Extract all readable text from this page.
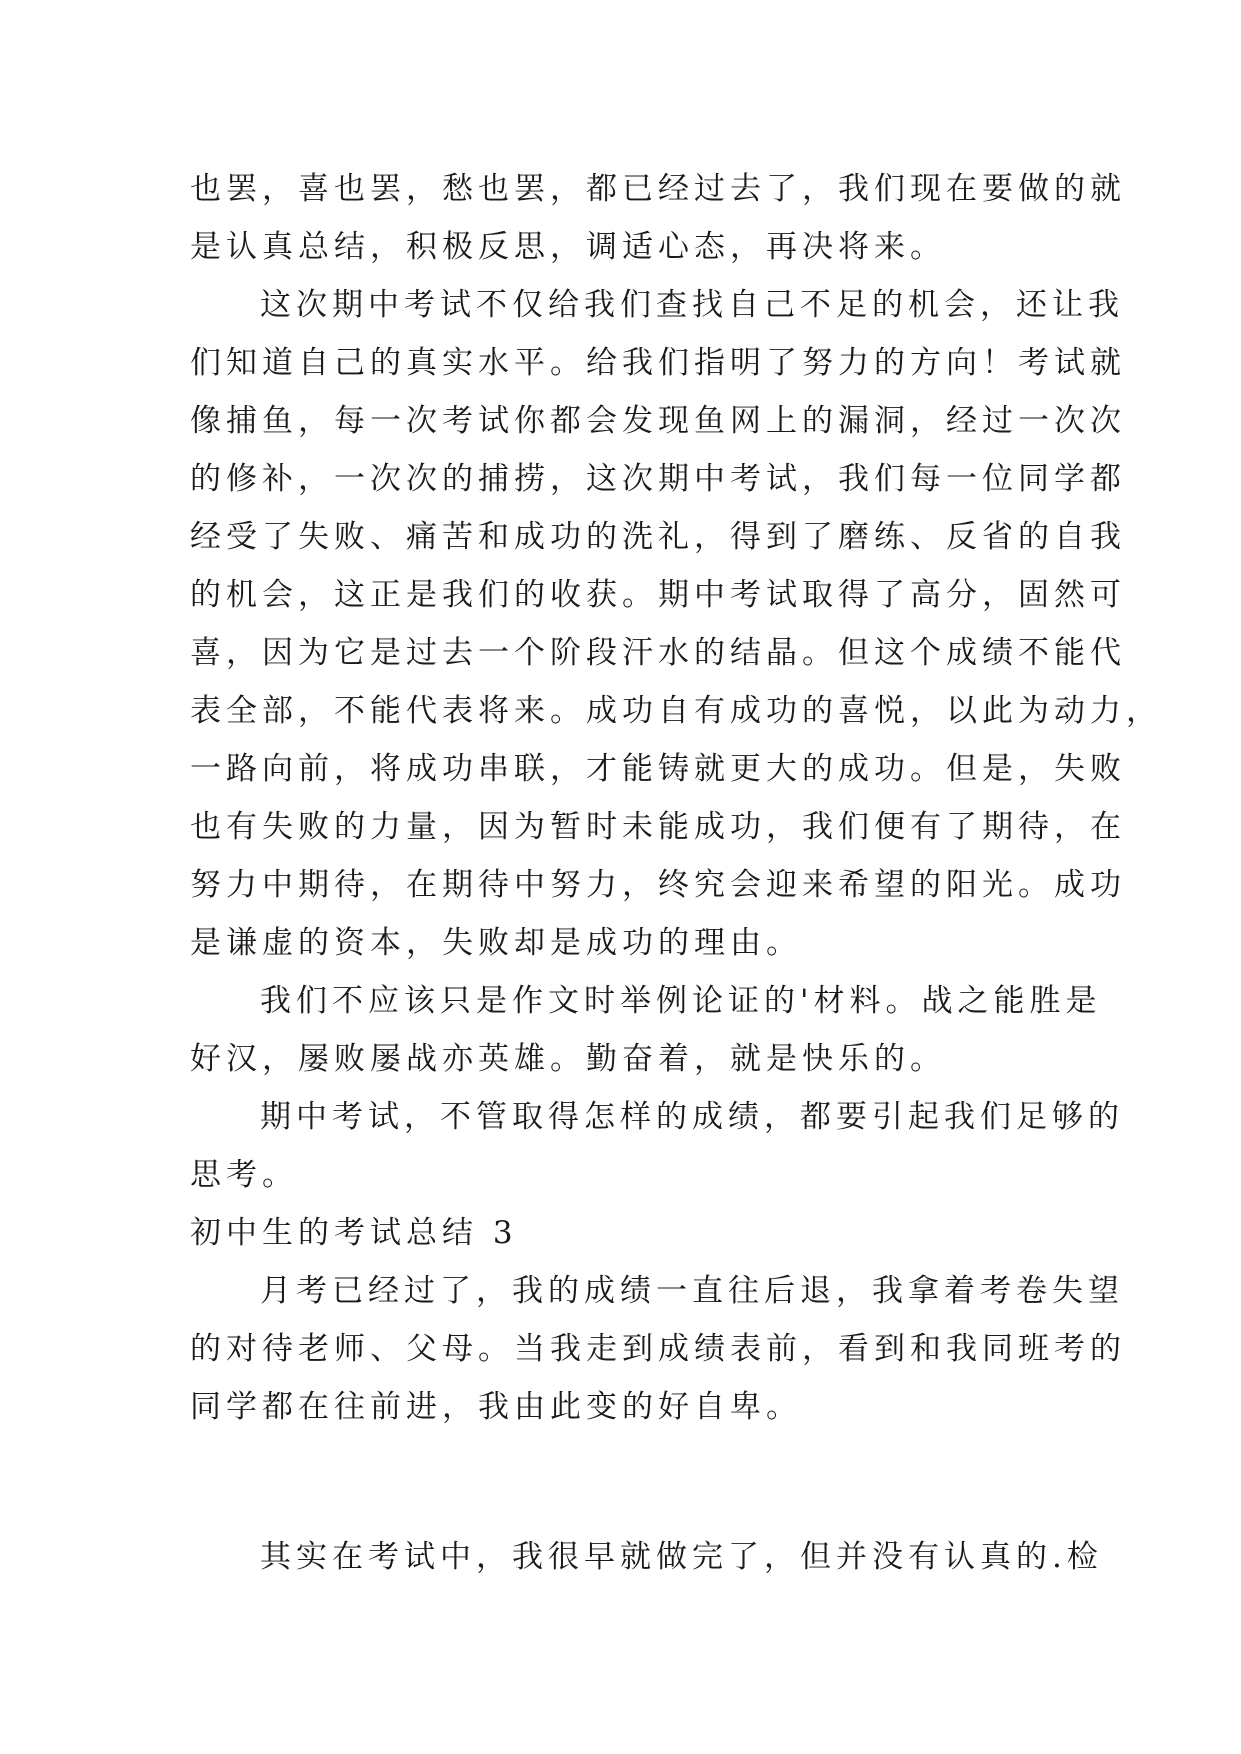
也罢，喜也罢，愁也罢，都已经过去了，我们现在要做的就
是认真总结，积极反思，调适心态，再决将来。
这次期中考试不仅给我们查找自己不足的机会，还让我
们知道自己的真实水平。给我们指明了努力的方向！考试就
像捕鱼，每一次考试你都会发现鱼网上的漏洞，经过一次次
的修补，一次次的捕捞，这次期中考试，我们每一位同学都
经受了失败、痛苦和成功的洗礼，得到了磨练、反省的自我
的机会，这正是我们的收获。期中考试取得了高分，固然可
喜，因为它是过去一个阶段汗水的结晶。但这个成绩不能代
表全部，不能代表将来。成功自有成功的喜悦，以此为动力，
一路向前，将成功串联，才能铸就更大的成功。但是，失败
也有失败的力量，因为暂时未能成功，我们便有了期待，在
努力中期待，在期待中努力，终究会迎来希望的阳光。成功
是谦虚的资本，失败却是成功的理由。
我们不应该只是作文时举例论证的'材料。战之能胜是
好汉，屡败屡战亦英雄。勤奋着，就是快乐的。
期中考试，不管取得怎样的成绩，都要引起我们足够的
思考。
初中生的考试总结 3
月考已经过了，我的成绩一直往后退，我拿着考卷失望
的对待老师、父母。当我走到成绩表前，看到和我同班考的
同学都在往前进，我由此变的好自卑。
其实在考试中，我很早就做完了，但并没有认真的.检
